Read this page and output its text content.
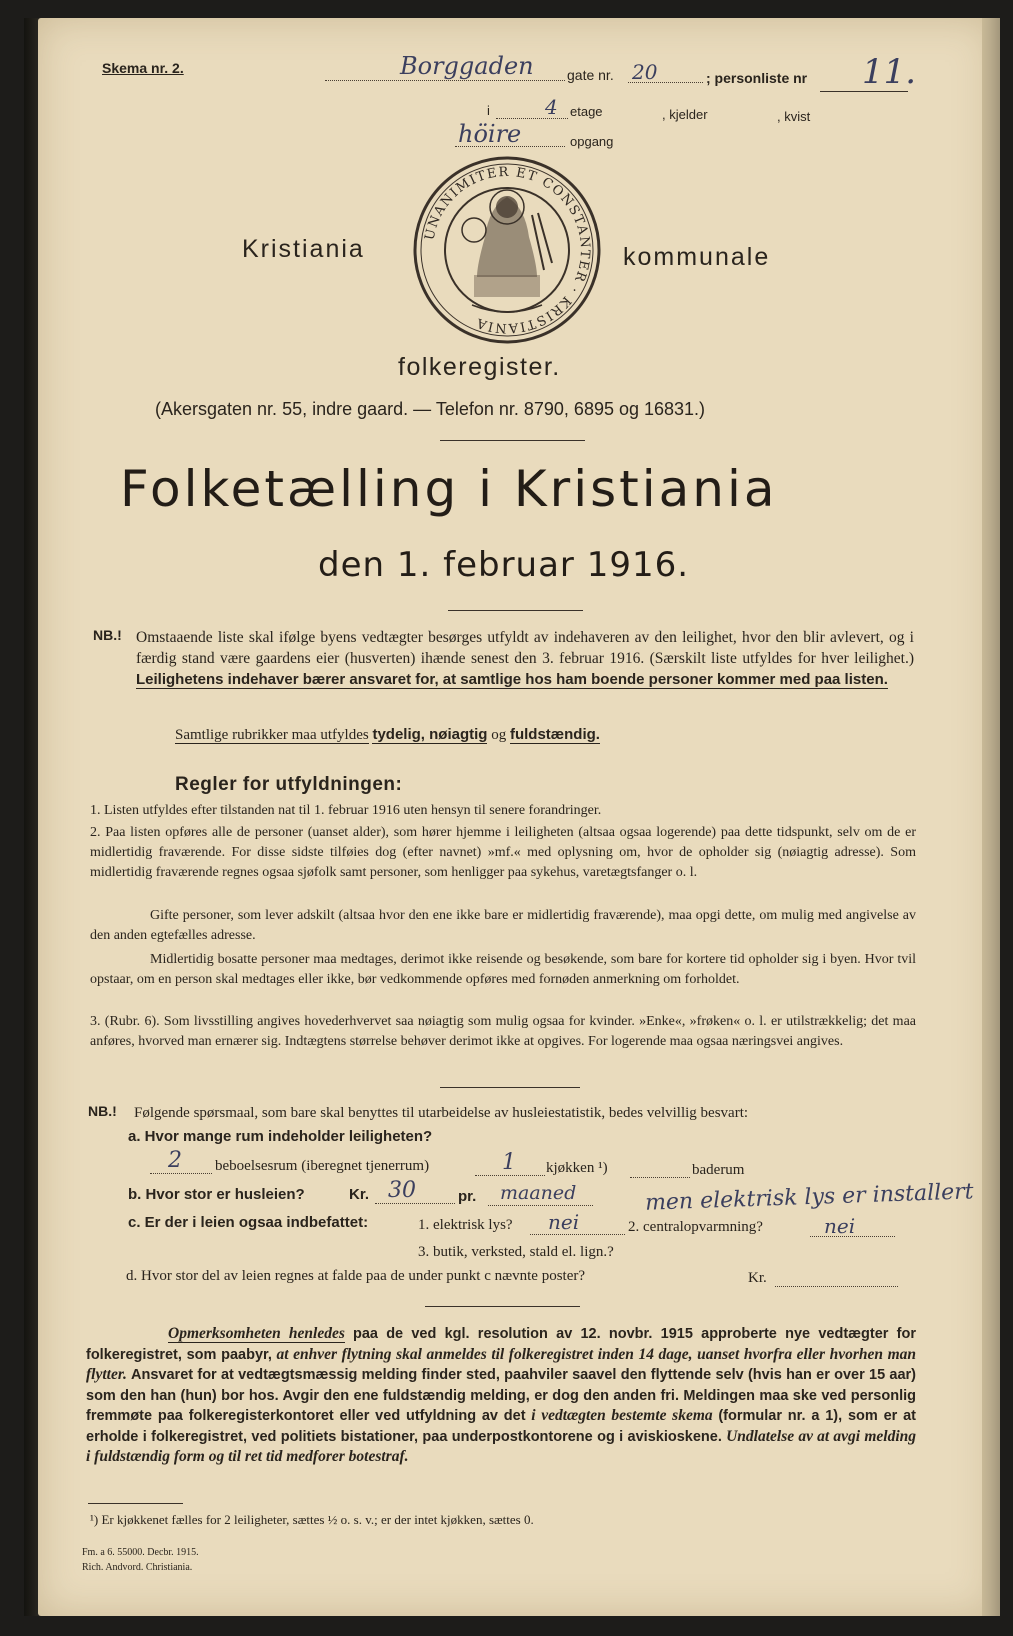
Skema nr. 2.	Borggaden gate nr. 20	; personliste nr 11.
i	4 etage	, kjelder	, kvist
höire	opgang
Kristiania
UNANIMITER ET CONSTANTER · KRISTIANIA
kommunale
folkeregister.
(Akersgaten nr. 55, indre gaard. — Telefon nr. 8790, 6895 og 16831.)
Folketælling i Kristiania
den 1. februar 1916.
NB.! Omstaaende liste skal ifølge byens vedtægter besørges utfyldt av indehaveren av den leilighet, hvor den blir avlevert, og i færdig stand være gaardens eier (husverten) ihænde senest den 3. februar 1916. (Særskilt liste utfyldes for hver leilighet.) Leilighetens indehaver bærer ansvaret for, at samtlige hos ham boende personer kommer med paa listen.

Samtlige rubrikker maa utfyldes tydelig, nøiagtig og fuldstændig.
Regler for utfyldningen:

1. Listen utfyldes efter tilstanden nat til 1. februar 1916 uten hensyn til senere forandringer.

2. Paa listen opføres alle de personer (uanset alder), som hører hjemme i leiligheten (altsaa ogsaa logerende) paa dette tidspunkt, selv om de er midlertidig fraværende. For disse sidste tilføies dog (efter navnet) »mf.« med oplysning om, hvor de opholder sig (nøiagtig adresse). Som midlertidig fraværende regnes ogsaa sjøfolk samt personer, som henligger paa sykehus, varetægtsfanger o. l.

Gifte personer, som lever adskilt (altsaa hvor den ene ikke bare er midlertidig fraværende), maa opgi dette, om mulig med angivelse av den anden egtefælles adresse.

Midlertidig bosatte personer maa medtages, derimot ikke reisende og besøkende, som bare for kortere tid opholder sig i byen. Hvor tvil opstaar, om en person skal medtages eller ikke, bør vedkommende opføres med fornøden anmerkning om forholdet.

3. (Rubr. 6). Som livsstilling angives hovederhvervet saa nøiagtig som mulig ogsaa for kvinder. »Enke«, »frøken« o. l. er utilstrækkelig; det maa anføres, hvorved man ernærer sig. Indtægtens størrelse behøver derimot ikke at opgives. For logerende maa ogsaa næringsvei angives.

NB.! Følgende spørsmaal, som bare skal benyttes til utarbeidelse av husleiestatistik, bedes velvillig besvart:
a. Hvor mange rum indeholder leiligheten?
2 beboelsesrum (iberegnet tjenerrum)	1 kjøkken ¹)	baderum
b. Hvor stor er husleien?	Kr. 30	pr. maaned	men elektrisk lys er installert
c. Er der i leien ogsaa indbefattet:	1. elektrisk lys? nei	2. centralopvarmning?	nei
3. butik, verksted, stald el. lign.?
d. Hvor stor del av leien regnes at falde paa de under punkt c nævnte poster?	Kr.

Opmerksomheten henledes paa de ved kgl. resolution av 12. novbr. 1915 approberte nye vedtægter for folkeregistret, som paabyr, at enhver flytning skal anmeldes til folkeregistret inden 14 dage, uanset hvorfra eller hvorhen man flytter. Ansvaret for at vedtægtsmæssig melding finder sted, paahviler saavel den flyttende selv (hvis han er over 15 aar) som den han (hun) bor hos. Avgir den ene fuldstændig melding, er dog den anden fri. Meldingen maa ske ved personlig fremmøte paa folkeregisterkontoret eller ved utfyldning av det i vedtægten bestemte skema (formular nr. a 1), som er at erholde i folkeregistret, ved politiets bistationer, paa underpostkontorene og i aviskioskene. Undlatelse av at avgi melding i fuldstændig form og til ret tid medforer botestraf.

¹) Er kjøkkenet fælles for 2 leiligheter, sættes ½ o. s. v.; er der intet kjøkken, sættes 0.
Fm. a 6. 55000. Decbr. 1915.
Rich. Andvord. Christiania.
